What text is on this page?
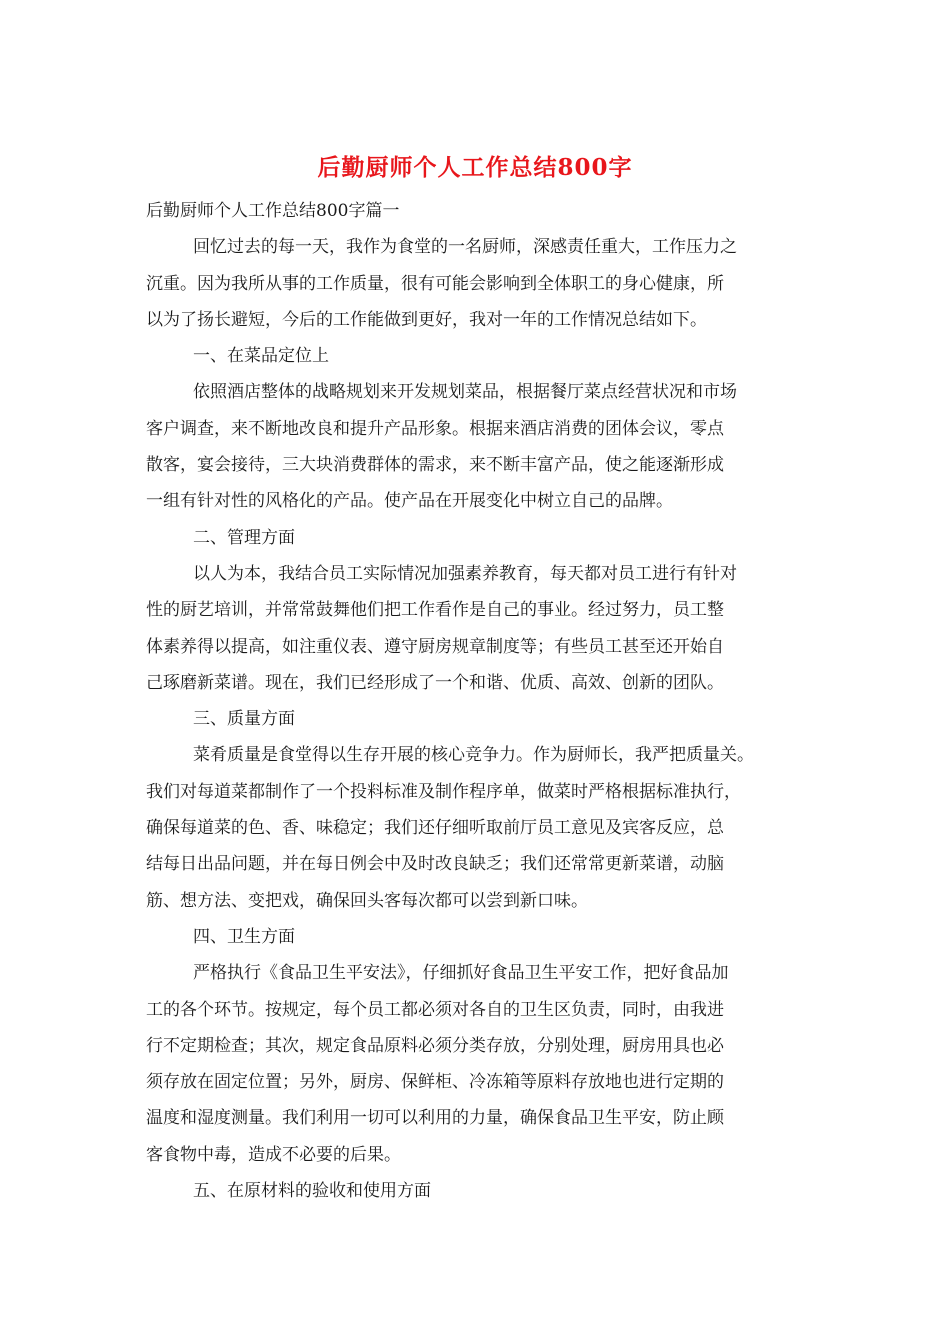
后勤厨师个人工作总结800字
后勤厨师个人工作总结800字篇一
回忆过去的每一天，我作为食堂的一名厨师，深感责任重大，工作压力之
沉重。因为我所从事的工作质量，很有可能会影响到全体职工的身心健康，所
以为了扬长避短，今后的工作能做到更好，我对一年的工作情况总结如下。
一、在菜品定位上
依照酒店整体的战略规划来开发规划菜品，根据餐厅菜点经营状况和市场
客户调查，来不断地改良和提升产品形象。根据来酒店消费的团体会议，零点
散客，宴会接待，三大块消费群体的需求，来不断丰富产品，使之能逐渐形成
一组有针对性的风格化的产品。使产品在开展变化中树立自己的品牌。
二、管理方面
以人为本，我结合员工实际情况加强素养教育，每天都对员工进行有针对
性的厨艺培训，并常常鼓舞他们把工作看作是自己的事业。经过努力，员工整
体素养得以提高，如注重仪表、遵守厨房规章制度等；有些员工甚至还开始自
己琢磨新菜谱。现在，我们已经形成了一个和谐、优质、高效、创新的团队。
三、质量方面
菜肴质量是食堂得以生存开展的核心竞争力。作为厨师长，我严把质量关。
我们对每道菜都制作了一个投料标准及制作程序单，做菜时严格根据标准执行，
确保每道菜的色、香、味稳定；我们还仔细听取前厅员工意见及宾客反应，总
结每日出品问题，并在每日例会中及时改良缺乏；我们还常常更新菜谱，动脑
筋、想方法、变把戏，确保回头客每次都可以尝到新口味。
四、卫生方面
严格执行《食品卫生平安法》，仔细抓好食品卫生平安工作，把好食品加
工的各个环节。按规定，每个员工都必须对各自的卫生区负责，同时，由我进
行不定期检查；其次，规定食品原料必须分类存放，分别处理，厨房用具也必
须存放在固定位置；另外，厨房、保鲜柜、冷冻箱等原料存放地也进行定期的
温度和湿度测量。我们利用一切可以利用的力量，确保食品卫生平安，防止顾
客食物中毒，造成不必要的后果。
五、在原材料的验收和使用方面
